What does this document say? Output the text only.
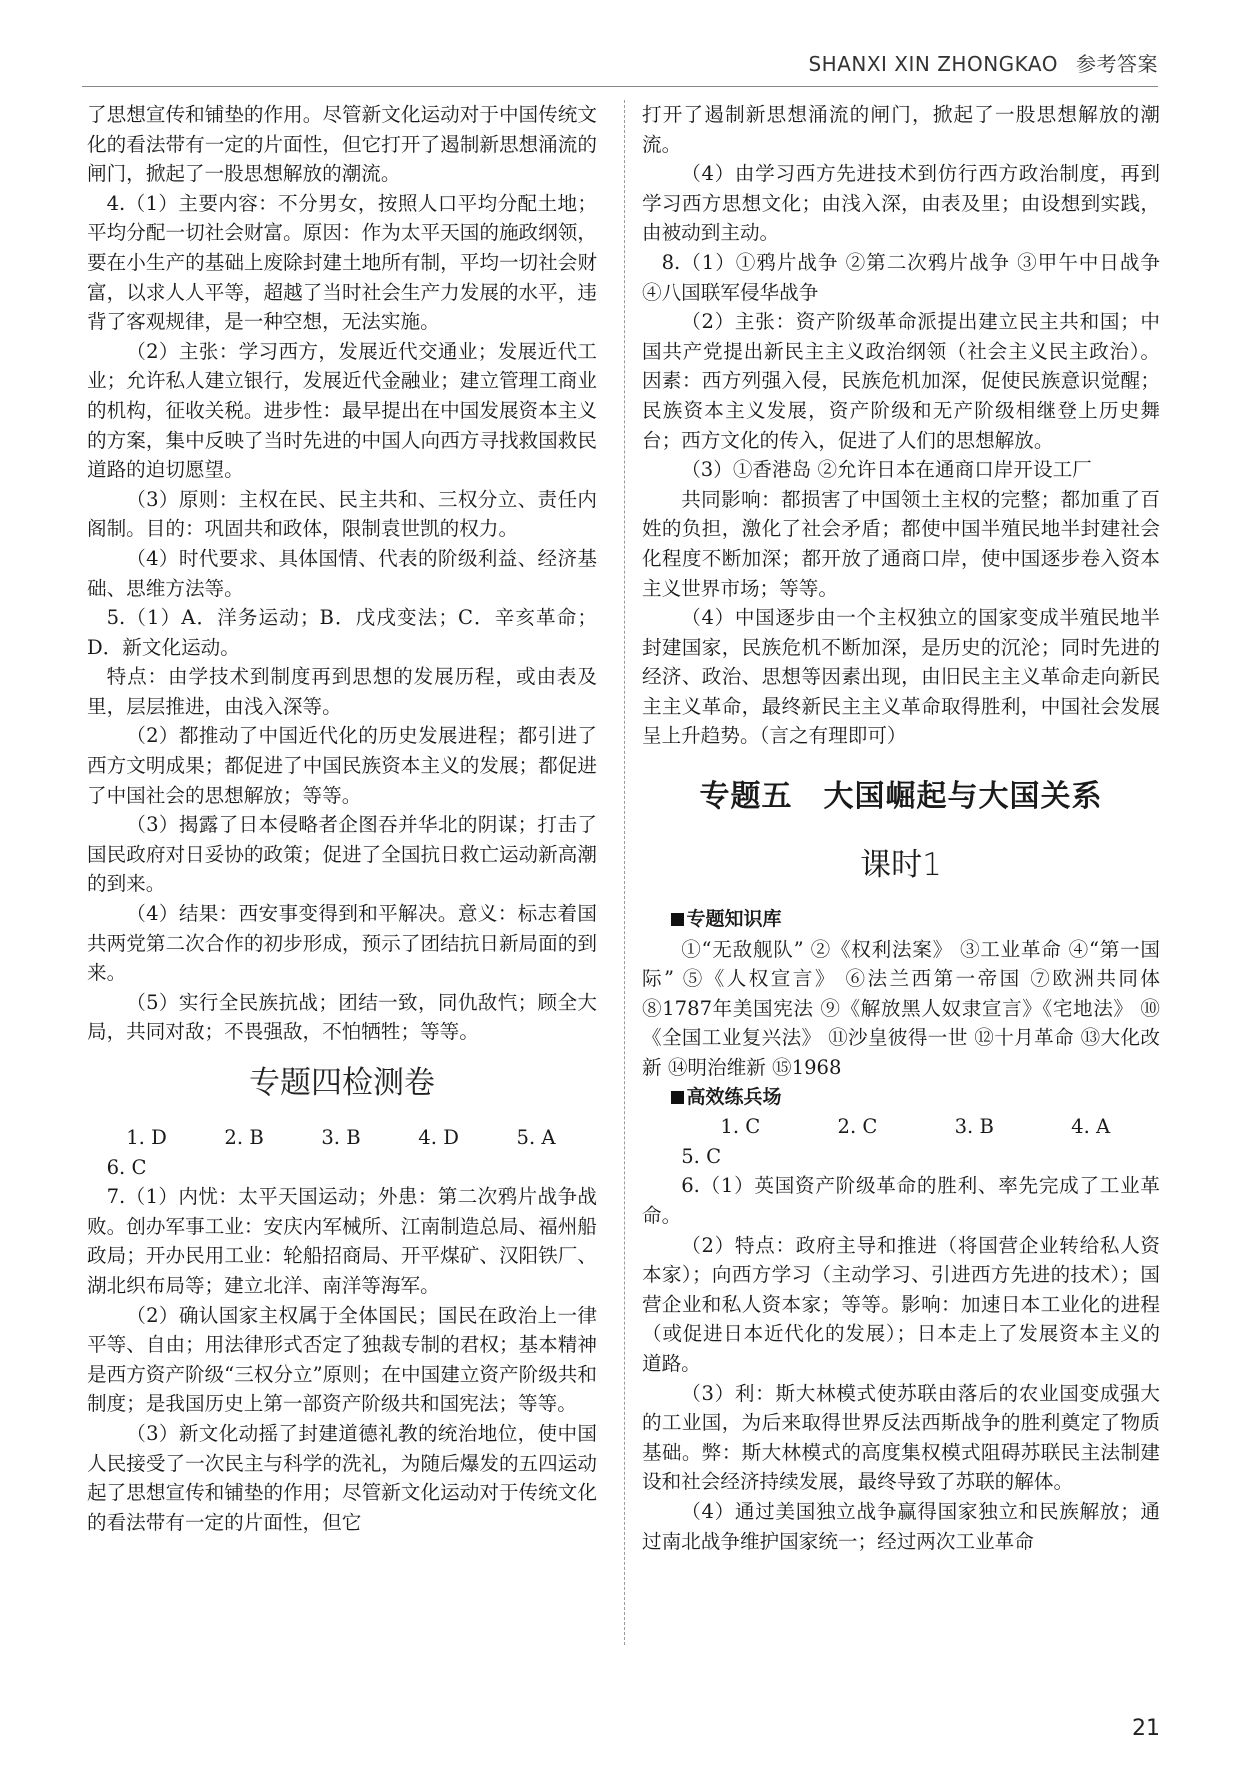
SHANXI XIN ZHONGKAO 参考答案

了思想宣传和铺垫的作用。尽管新文化运动对于中国传统文化的看法带有一定的片面性，但它打开了遏制新思想涌流的闸门，掀起了一股思想解放的潮流。

4.（1）主要内容：不分男女，按照人口平均分配土地；平均分配一切社会财富。原因：作为太平天国的施政纲领，要在小生产的基础上废除封建土地所有制，平均一切社会财富，以求人人平等，超越了当时社会生产力发展的水平，违背了客观规律，是一种空想，无法实施。

（2）主张：学习西方，发展近代交通业；发展近代工业；允许私人建立银行，发展近代金融业；建立管理工商业的机构，征收关税。进步性：最早提出在中国发展资本主义的方案，集中反映了当时先进的中国人向西方寻找救国救民道路的迫切愿望。

（3）原则：主权在民、民主共和、三权分立、责任内阁制。目的：巩固共和政体，限制袁世凯的权力。

（4）时代要求、具体国情、代表的阶级利益、经济基础、思维方法等。

5.（1）A．洋务运动；B．戊戌变法；C．辛亥革命；D．新文化运动。

特点：由学技术到制度再到思想的发展历程，或由表及里，层层推进，由浅入深等。

（2）都推动了中国近代化的历史发展进程；都引进了西方文明成果；都促进了中国民族资本主义的发展；都促进了中国社会的思想解放；等等。

（3）揭露了日本侵略者企图吞并华北的阴谋；打击了国民政府对日妥协的政策；促进了全国抗日救亡运动新高潮的到来。

（4）结果：西安事变得到和平解决。意义：标志着国共两党第二次合作的初步形成，预示了团结抗日新局面的到来。

（5）实行全民族抗战；团结一致，同仇敌忾；顾全大局，共同对敌；不畏强敌，不怕牺牲；等等。

专题四检测卷

1. D	2. B	3. B	4. D	5. A

6. C

7.（1）内忧：太平天国运动；外患：第二次鸦片战争战败。创办军事工业：安庆内军械所、江南制造总局、福州船政局；开办民用工业：轮船招商局、开平煤矿、汉阳铁厂、湖北织布局等；建立北洋、南洋等海军。

（2）确认国家主权属于全体国民；国民在政治上一律平等、自由；用法律形式否定了独裁专制的君权；基本精神是西方资产阶级“三权分立”原则；在中国建立资产阶级共和制度；是我国历史上第一部资产阶级共和国宪法；等等。

（3）新文化动摇了封建道德礼教的统治地位，使中国人民接受了一次民主与科学的洗礼，为随后爆发的五四运动起了思想宣传和铺垫的作用；尽管新文化运动对于传统文化的看法带有一定的片面性，但它

打开了遏制新思想涌流的闸门，掀起了一股思想解放的潮流。

（4）由学习西方先进技术到仿行西方政治制度，再到学习西方思想文化；由浅入深，由表及里；由设想到实践，由被动到主动。

8.（1）①鸦片战争 ②第二次鸦片战争 ③甲午中日战争 ④八国联军侵华战争

（2）主张：资产阶级革命派提出建立民主共和国；中国共产党提出新民主主义政治纲领（社会主义民主政治）。因素：西方列强入侵，民族危机加深，促使民族意识觉醒；民族资本主义发展，资产阶级和无产阶级相继登上历史舞台；西方文化的传入，促进了人们的思想解放。

（3）①香港岛 ②允许日本在通商口岸开设工厂

共同影响：都损害了中国领土主权的完整；都加重了百姓的负担，激化了社会矛盾；都使中国半殖民地半封建社会化程度不断加深；都开放了通商口岸，使中国逐步卷入资本主义世界市场；等等。

（4）中国逐步由一个主权独立的国家变成半殖民地半封建国家，民族危机不断加深，是历史的沉沦；同时先进的经济、政治、思想等因素出现，由旧民主主义革命走向新民主主义革命，最终新民主主义革命取得胜利，中国社会发展呈上升趋势。（言之有理即可）

专题五　大国崛起与大国关系

课时1

专题知识库

①“无敌舰队” ②《权利法案》 ③工业革命 ④“第一国际” ⑤《人权宣言》 ⑥法兰西第一帝国 ⑦欧洲共同体 ⑧1787年美国宪法 ⑨《解放黑人奴隶宣言》《宅地法》 ⑩《全国工业复兴法》 ⑪沙皇彼得一世 ⑫十月革命 ⑬大化改新 ⑭明治维新 ⑮1968

高效练兵场

1. C	2. C	3. B	4. A5. C

6.（1）英国资产阶级革命的胜利、率先完成了工业革命。

（2）特点：政府主导和推进（将国营企业转给私人资本家）；向西方学习（主动学习、引进西方先进的技术）；国营企业和私人资本家；等等。影响：加速日本工业化的进程（或促进日本近代化的发展）；日本走上了发展资本主义的道路。

（3）利：斯大林模式使苏联由落后的农业国变成强大的工业国，为后来取得世界反法西斯战争的胜利奠定了物质基础。弊：斯大林模式的高度集权模式阻碍苏联民主法制建设和社会经济持续发展，最终导致了苏联的解体。

（4）通过美国独立战争赢得国家独立和民族解放；通过南北战争维护国家统一；经过两次工业革命

21
